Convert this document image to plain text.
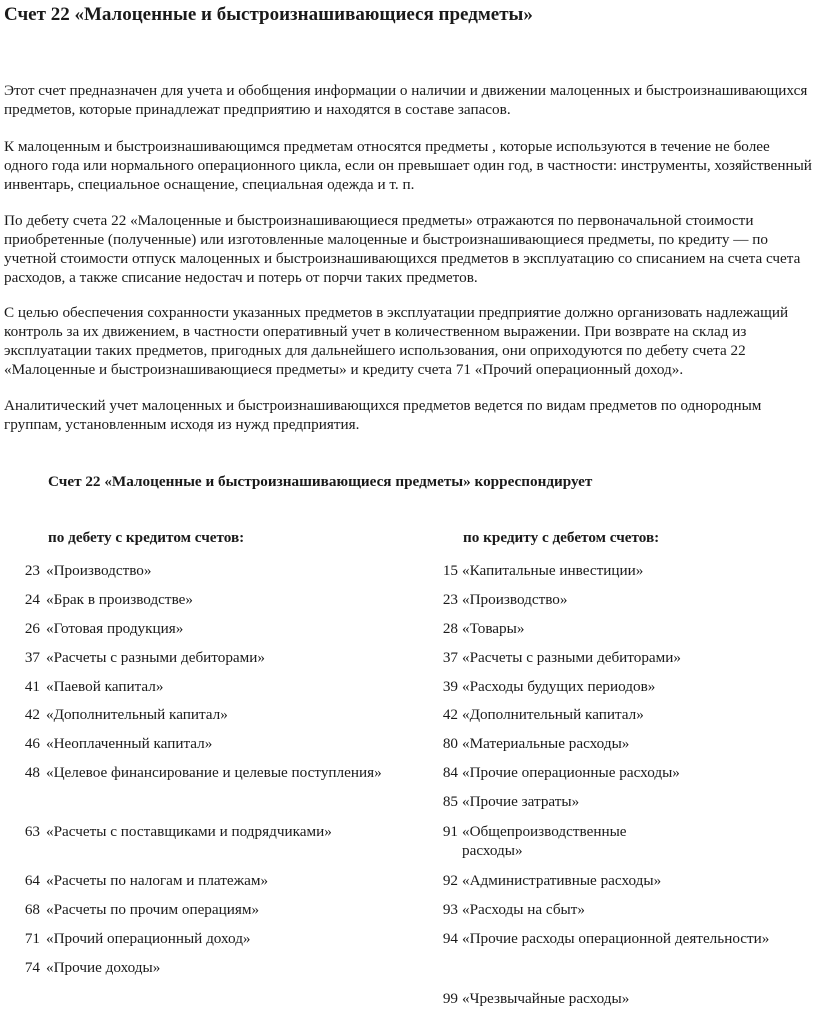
Счет 22 «Малоценные и быстроизнашивающиеся предметы»
Этот счет предназначен для учета и обобщения информации о наличии и движении малоценных и быстроизнашивающихся предметов, которые принадлежат предприятию и находятся в составе запасов.
К малоценным и быстроизнашивающимся предметам относятся предметы , которые используются в течение не более одного года или нормального операционного цикла, если он превышает один год, в частности: инструменты, хозяйственный инвентарь, специальное оснащение, специальная одежда и т. п.
По дебету счета 22 «Малоценные и быстроизнашивающиеся предметы» отражаются по первоначальной стоимости приобретенные (полученные) или изготовленные малоценные и быстроизнашивающиеся предметы, по кредиту — по учетной стоимости отпуск малоценных и быстроизнашивающихся предметов в эксплуатацию со списанием на счета счета расходов, а также списание недостач и потерь от порчи таких предметов.
С целью обеспечения сохранности указанных предметов в эксплуатации предприятие должно организовать надлежащий контроль за их движением, в частности оперативный учет в количественном выражении. При возврате на склад из эксплуатации таких предметов, пригодных для дальнейшего использования, они оприходуются по дебету счета 22 «Малоценные и быстроизнашивающиеся предметы» и кредиту счета 71 «Прочий операционный доход».
Аналитический учет малоценных и быстроизнашивающихся предметов ведется по видам предметов по однородным группам, установленным исходя из нужд предприятия.
Счет 22 «Малоценные и быстроизнашивающиеся предметы» корреспондирует
по дебету с кредитом счетов:	по кредиту с дебетом счетов:
23 «Производство»
24 «Брак в производстве»
26 «Готовая продукция»
37 «Расчеты с разными дебиторами»
41 «Паевой капитал»
42 «Дополнительный капитал»
46 «Неоплаченный капитал»
48 «Целевое финансирование и целевые поступления»
63 «Расчеты с поставщиками и подрядчиками»
64 «Расчеты по налогам и платежам»
68 «Расчеты по прочим операциям»
71 «Прочий операционный доход»
74 «Прочие доходы»
15 «Капитальные инвестиции»
23 «Производство»
28 «Товары»
37 «Расчеты с разными дебиторами»
39 «Расходы будущих периодов»
42 «Дополнительный капитал»
80 «Материальные расходы»
84 «Прочие операционные расходы»
85 «Прочие затраты»
91 «Общепроизводственные расходы»
92 «Административные расходы»
93 «Расходы на сбыт»
94 «Прочие расходы операционной деятельности»
99 «Чрезвычайные расходы»
